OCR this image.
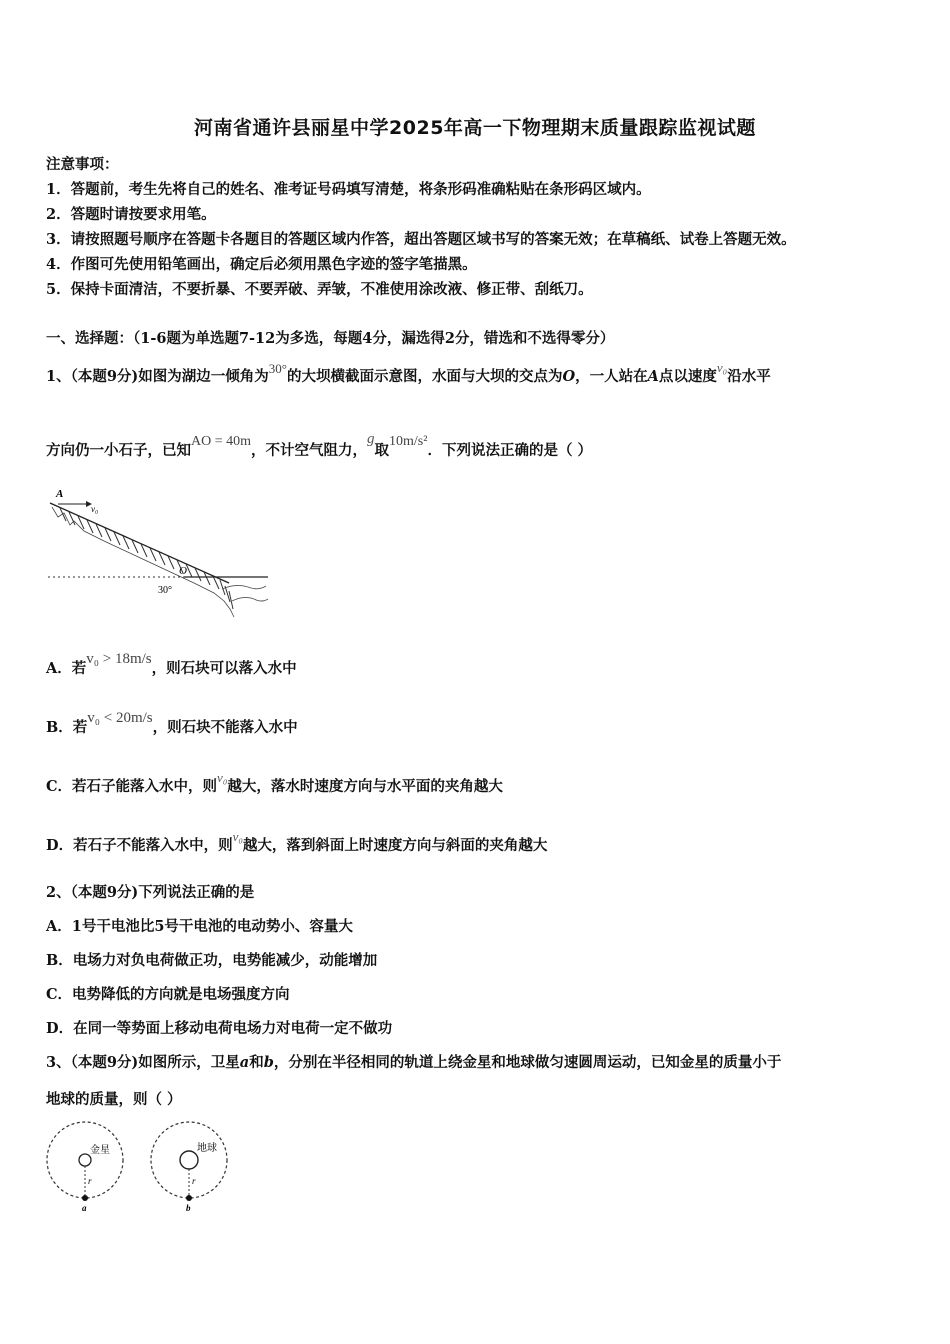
河南省通许县丽星中学2025年高一下物理期末质量跟踪监视试题
注意事项：
1．答题前，考生先将自己的姓名、准考证号码填写清楚，将条形码准确粘贴在条形码区域内。
2．答题时请按要求用笔。
3．请按照题号顺序在答题卡各题目的答题区域内作答，超出答题区域书写的答案无效；在草稿纸、试卷上答题无效。
4．作图可先使用铅笔画出，确定后必须用黑色字迹的签字笔描黑。
5．保持卡面清洁，不要折暴、不要弄破、弄皱，不准使用涂改液、修正带、刮纸刀。
一、选择题：（1-6题为单选题7-12为多选，每题4分，漏选得2分，错选和不选得零分）
1、（本题9分)如图为湖边一倾角为30°的大坝横截面示意图，水面与大坝的交点为O，一人站在A点以速度v₀沿水平
方向仍一小石子，已知AO = 40m，不计空气阻力，g取10m/s²．下列说法正确的是（ ）
A
v₀
O
30°
A．若v₀ > 18m/s，则石块可以落入水中
B．若v₀ < 20m/s，则石块不能落入水中
C．若石子能落入水中，则v₀越大，落水时速度方向与水平面的夹角越大
D．若石子不能落入水中，则v₀越大，落到斜面上时速度方向与斜面的夹角越大
2、（本题9分)下列说法正确的是
A．1号干电池比5号干电池的电动势小、容量大
B．电场力对负电荷做正功，电势能减少，动能增加
C．电势降低的方向就是电场强度方向
D．在同一等势面上移动电荷电场力对电荷一定不做功
3、（本题9分)如图所示，卫星a和b，分别在半径相同的轨道上绕金星和地球做匀速圆周运动，已知金星的质量小于
地球的质量，则（ ）
金星
r
a
地球
r
b
